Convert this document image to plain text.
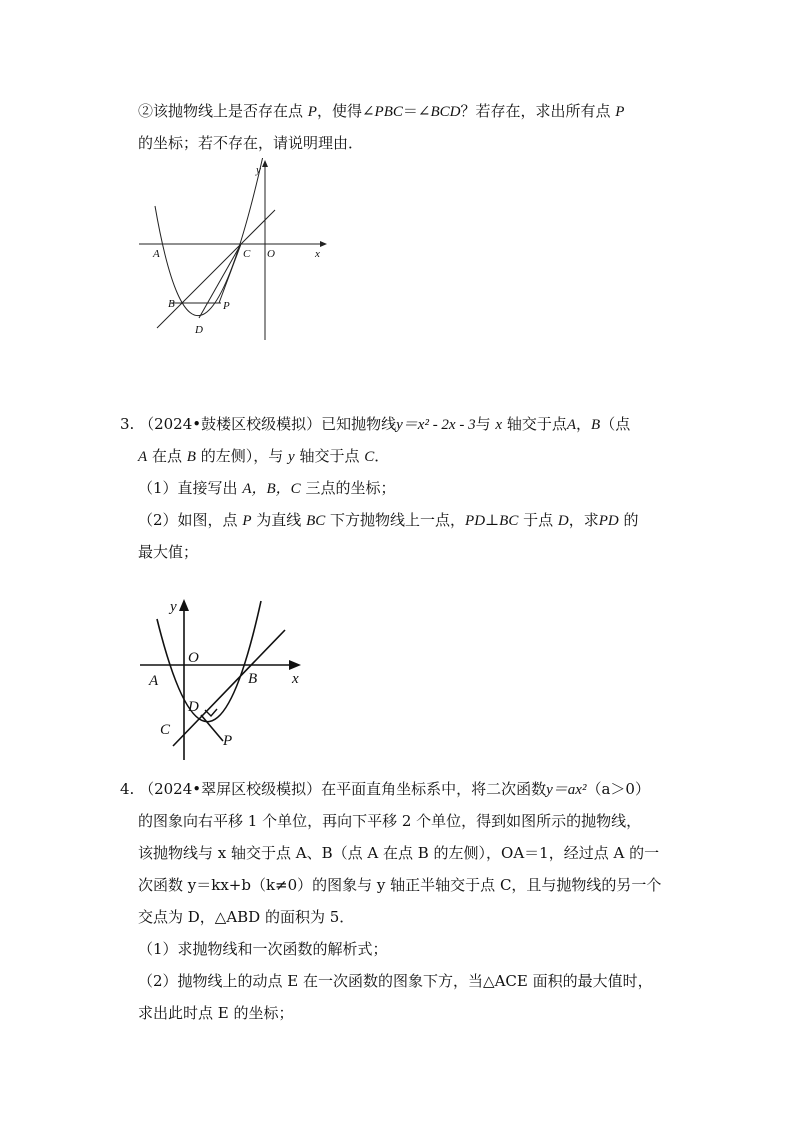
②该抛物线上是否存在点 P，使得∠PBC＝∠BCD？若存在，求出所有点 P
的坐标；若不存在，请说明理由．
y
x
A	C O
B	P
D
3. （2024•鼓楼区校级模拟）已知抛物线y＝x² - 2x - 3与 x 轴交于点A，B（点
A 在点 B 的左侧），与 y 轴交于点 C．
（1）直接写出 A，B，C 三点的坐标；
（2）如图，点 P 为直线 BC 下方抛物线上一点，PD⊥BC 于点 D，求PD 的
最大值；
y
O
A	B x
D
C
P
4. （2024•翠屏区校级模拟）在平面直角坐标系中，将二次函数y＝ax²（a＞0）
的图象向右平移 1 个单位，再向下平移 2 个单位，得到如图所示的抛物线，
该抛物线与 x 轴交于点 A、B（点 A 在点 B 的左侧），OA＝1，经过点 A 的一
次函数 y＝kx+b（k≠0）的图象与 y 轴正半轴交于点 C，且与抛物线的另一个
交点为 D，△ABD 的面积为 5．
（1）求抛物线和一次函数的解析式；
（2）抛物线上的动点 E 在一次函数的图象下方，当△ACE 面积的最大值时，
求出此时点 E 的坐标；
